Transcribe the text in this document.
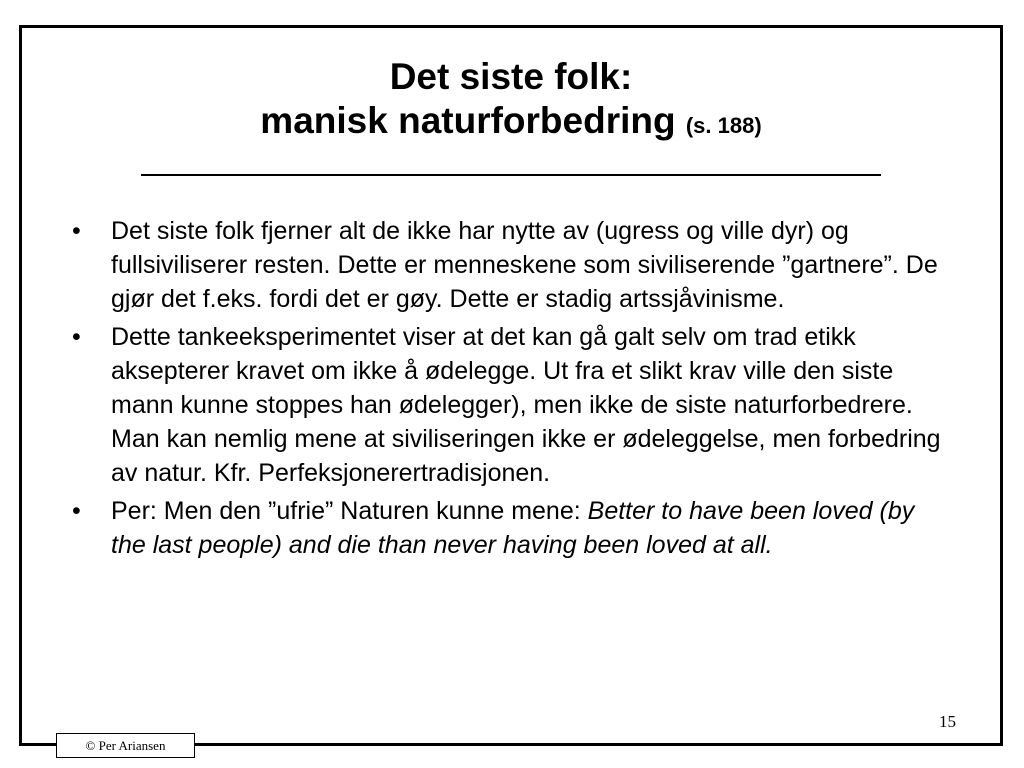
Det siste folk:
manisk naturforbedring (s. 188)
•	Det siste folk fjerner alt de ikke har nytte av (ugress og ville dyr) og fullsiviliserer resten. Dette er menneskene som siviliserende ”gartnere”. De gjør det f.eks. fordi det er gøy. Dette er stadig artssjåvinisme.
•	Dette tankeeksperimentet viser at det kan gå galt selv om trad etikk aksepterer kravet om ikke å ødelegge. Ut fra et slikt krav ville den siste mann kunne stoppes han ødelegger), men ikke de siste naturforbedrere. Man kan nemlig mene at siviliseringen ikke er ødeleggelse, men forbedring av natur. Kfr. Perfeksjonerertradisjonen.
•	Per: Men den ”ufrie” Naturen kunne mene: Better to have been loved (by the last people) and die than never having been loved at all.
15
© Per Ariansen
